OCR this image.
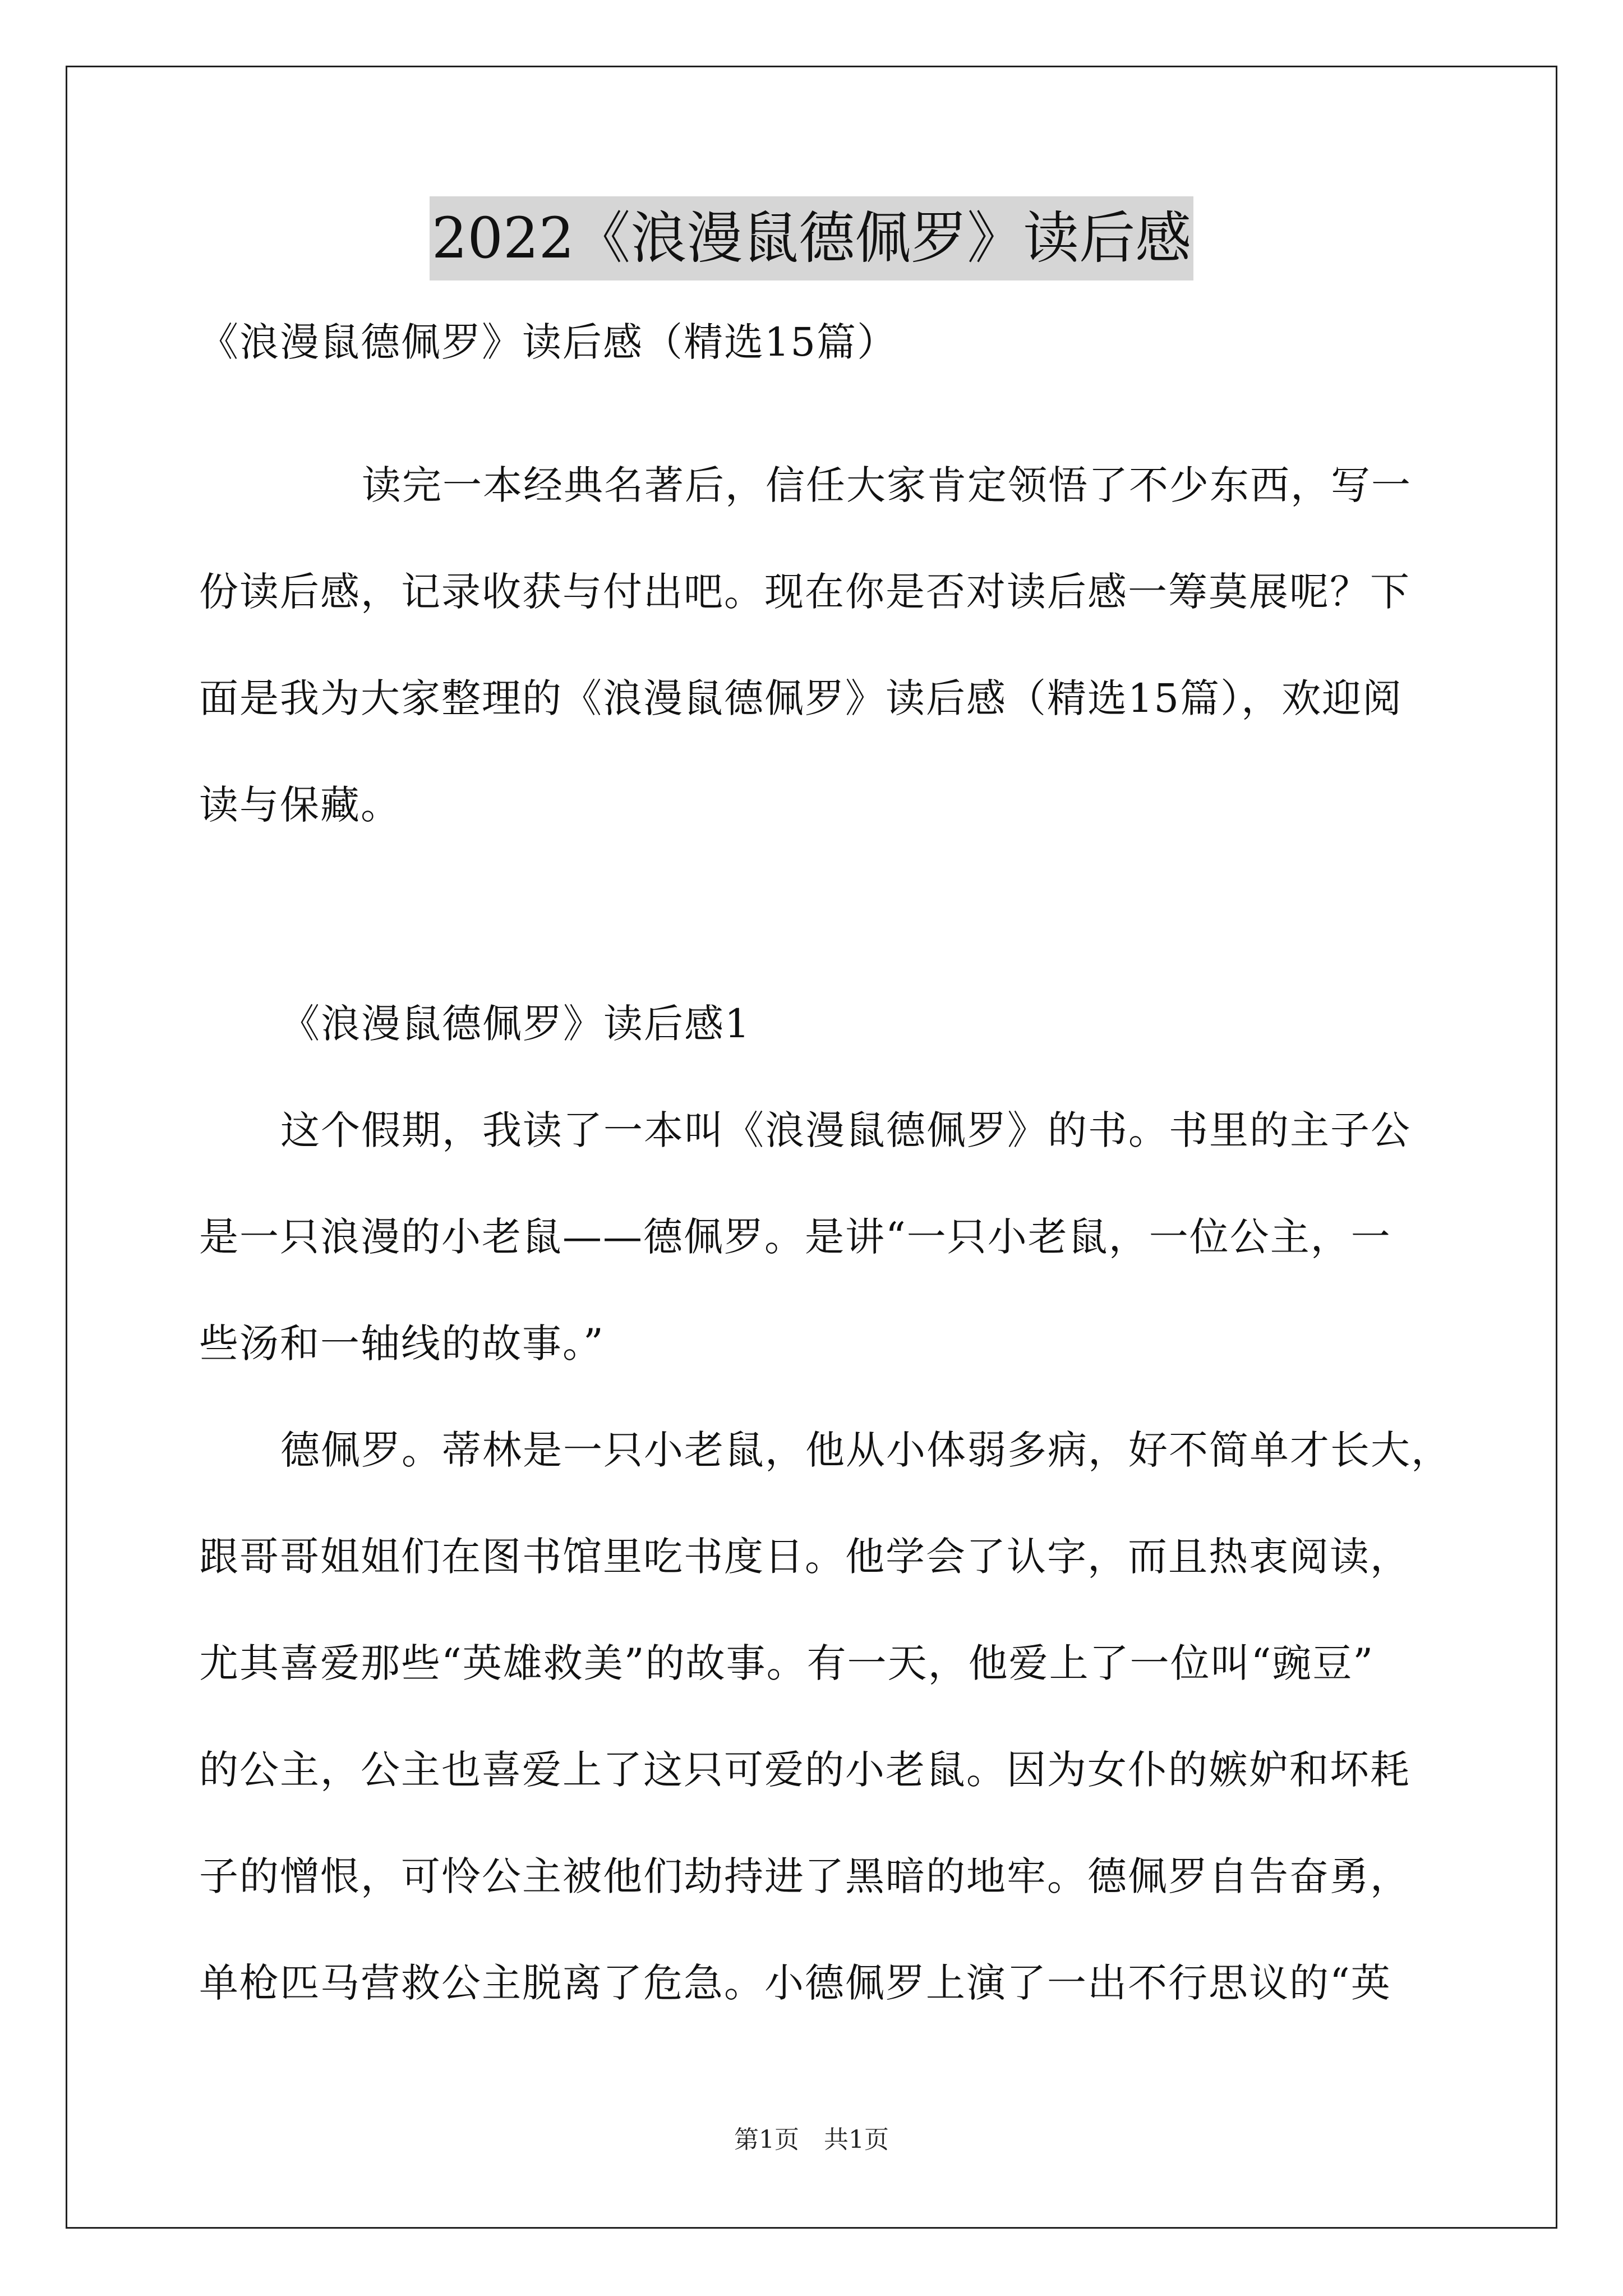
2022《浪漫鼠德佩罗》读后感
《浪漫鼠德佩罗》读后感（精选15篇）
读完一本经典名著后，信任大家肯定领悟了不少东西，写一
份读后感，记录收获与付出吧。现在你是否对读后感一筹莫展呢？下
面是我为大家整理的《浪漫鼠德佩罗》读后感（精选15篇），欢迎阅
读与保藏。
《浪漫鼠德佩罗》读后感1
这个假期，我读了一本叫《浪漫鼠德佩罗》的书。书里的主子公
是一只浪漫的小老鼠——德佩罗。是讲“一只小老鼠，一位公主，一
些汤和一轴线的故事。”
德佩罗。蒂林是一只小老鼠，他从小体弱多病，好不简单才长大，
跟哥哥姐姐们在图书馆里吃书度日。他学会了认字，而且热衷阅读，
尤其喜爱那些“英雄救美”的故事。有一天，他爱上了一位叫“豌豆”
的公主，公主也喜爱上了这只可爱的小老鼠。因为女仆的嫉妒和坏耗
子的憎恨，可怜公主被他们劫持进了黑暗的地牢。德佩罗自告奋勇，
单枪匹马营救公主脱离了危急。小德佩罗上演了一出不行思议的“英
第1页　共1页
